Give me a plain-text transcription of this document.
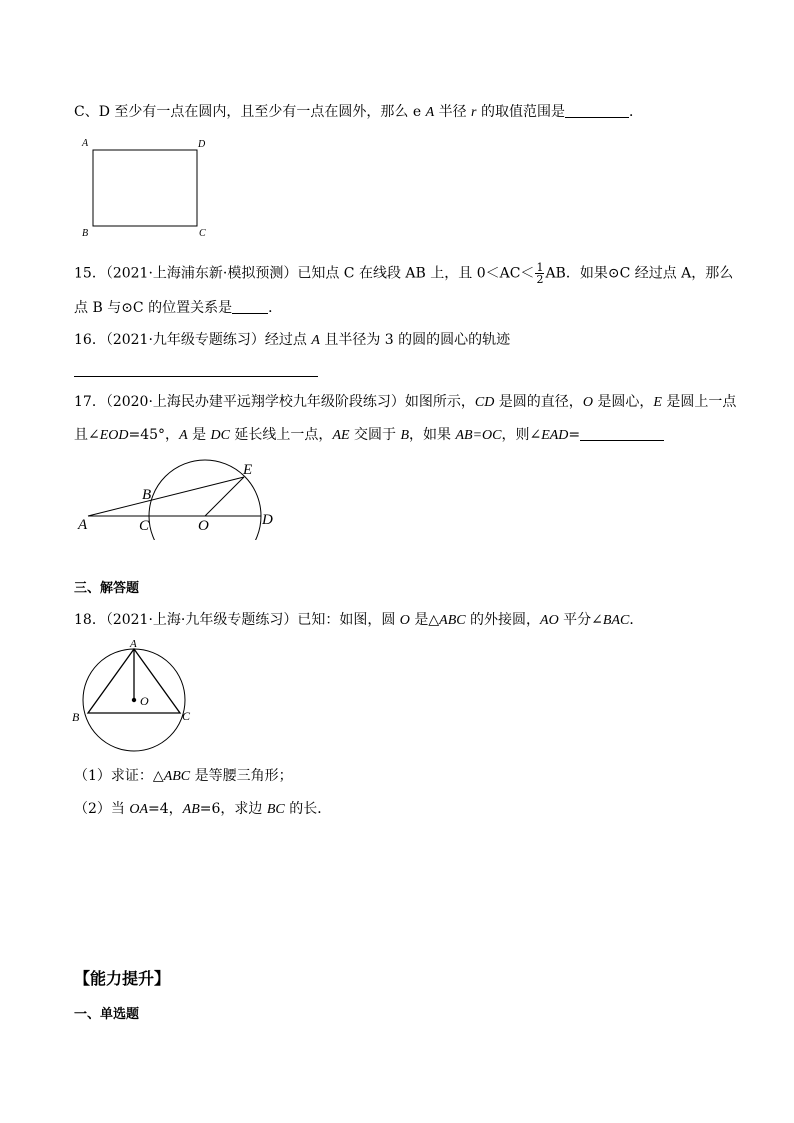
C、D 至少有一点在圆内，且至少有一点在圆外，那么 e A 半径 r 的取值范围是	．
A	D
B	C
15．（2021·上海浦东新·模拟预测）已知点 C 在线段 AB 上，且 $0<AC< \frac{1}{2}$ AB．如果⊙C 经过点 A，那么
点 B 与⊙C 的位置关系是	．
16．（2021·九年级专题练习）经过点 A 且半径为 3 的圆的圆心的轨迹
17．（2020·上海民办建平远翔学校九年级阶段练习）如图所示，CD 是圆的直径，O 是圆心，E 是圆上一点
且∠EOD=45°，A 是 DC 延长线上一点，AE 交圆于 B，如果 AB=OC，则∠EAD=
A
B
C	O	D
E
三、解答题
18．（2021·上海·九年级专题练习）已知：如图，圆 O 是△ABC 的外接圆，AO 平分∠BAC．
A
O
B	C
（1）求证：△ABC 是等腰三角形；
（2）当 OA=4，AB=6，求边 BC 的长．
【能力提升】
一、单选题
